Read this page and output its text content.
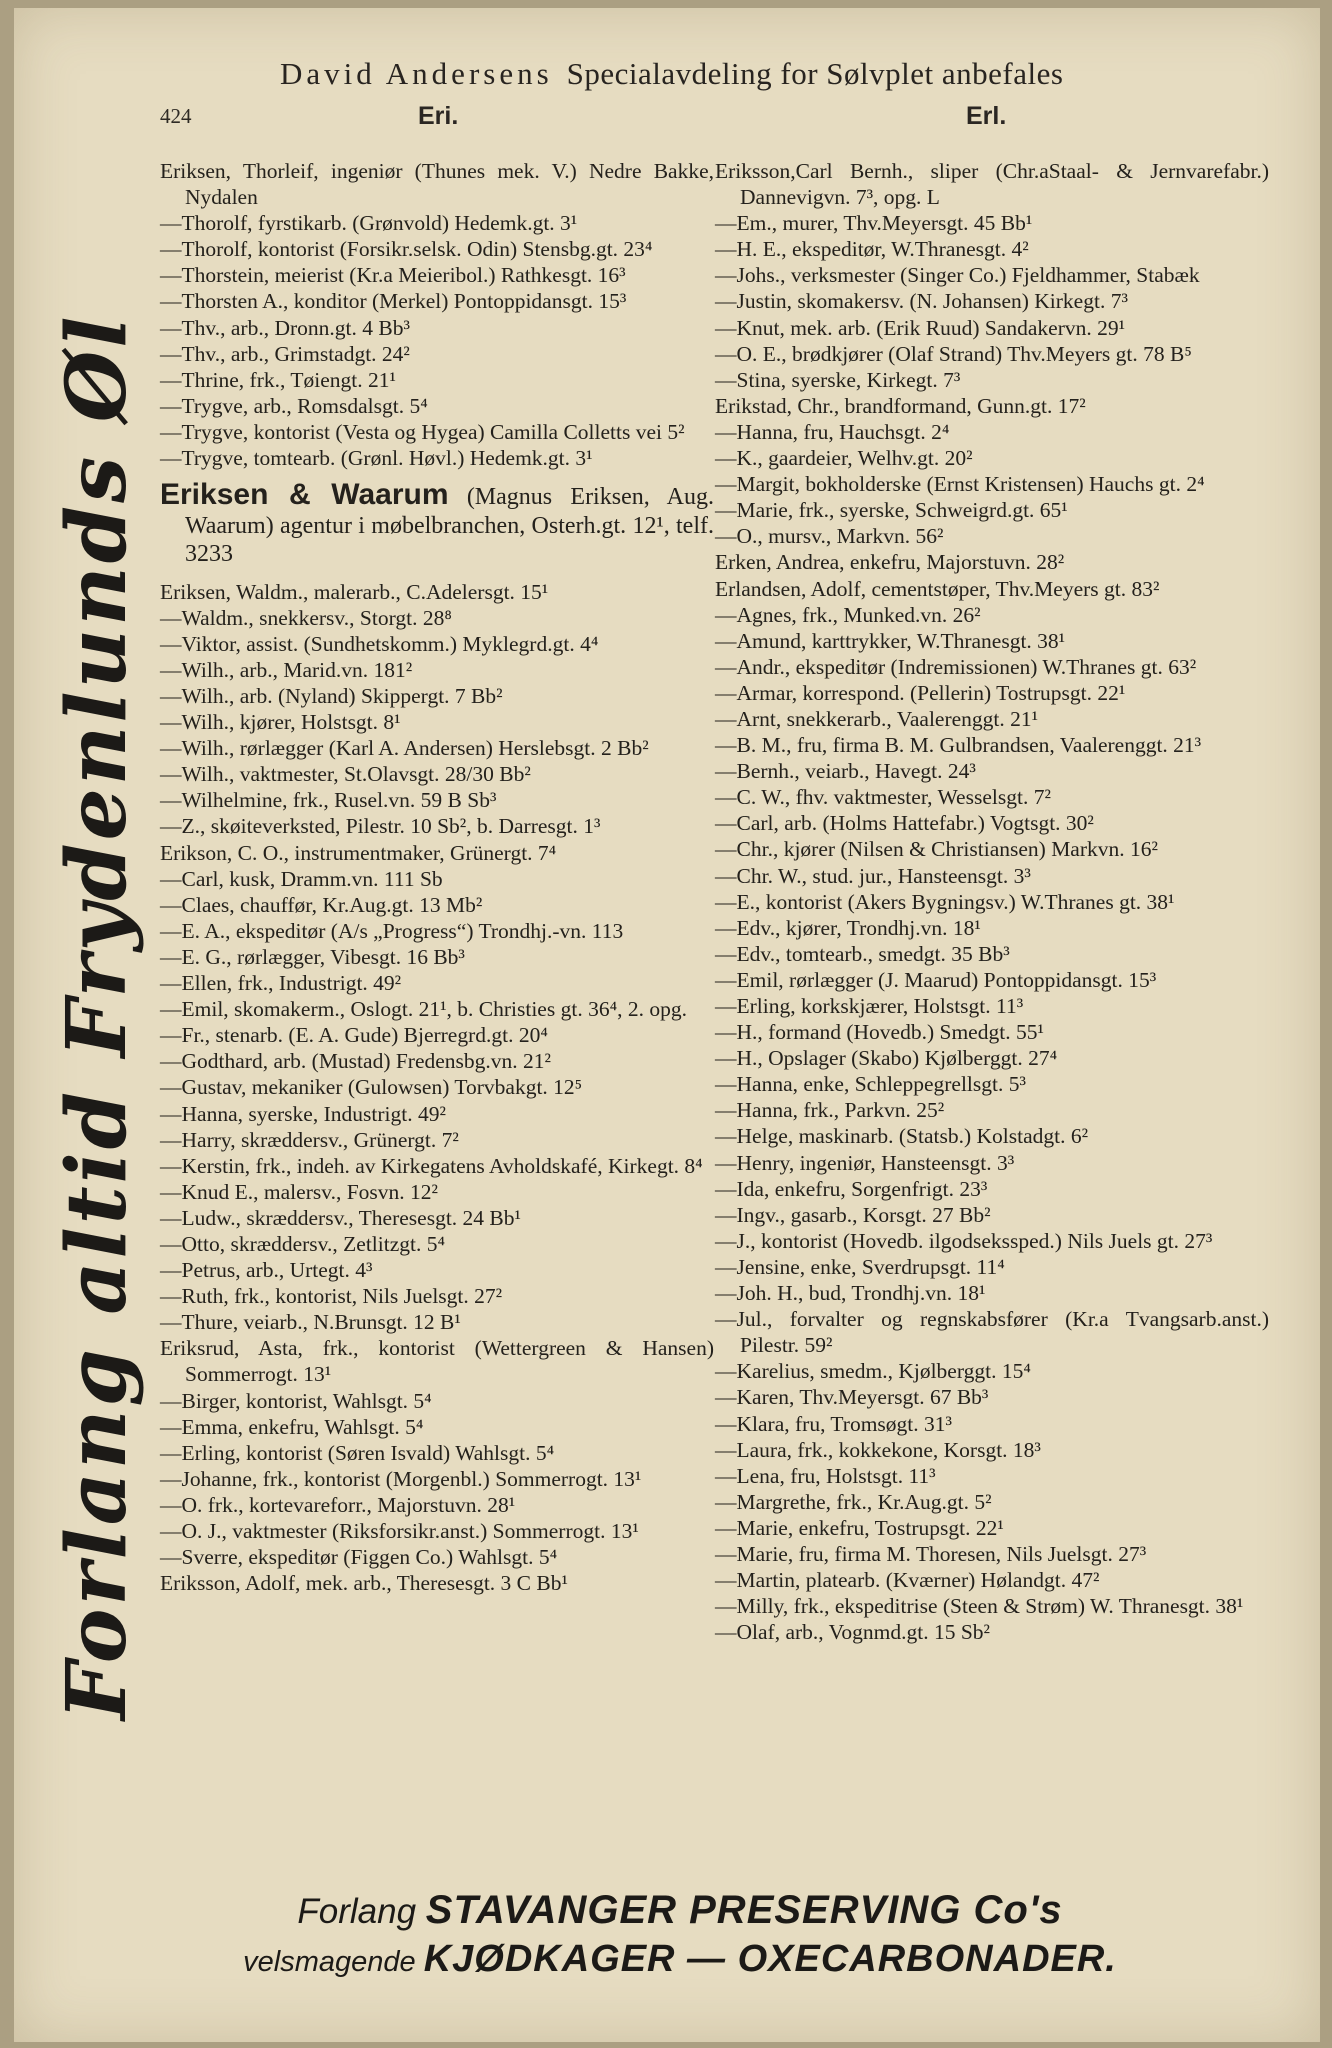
David Andersens Specialavdeling for Sølvplet anbefales
424	Eri.	Erl.
Forlang altid Frydenlunds Øl
Eriksen, Thorleif, ingeniør (Thunes mek. V.) Nedre Bakke, Nydalen
—Thorolf, fyrstikarb. (Grønvold) Hedemk.gt. 3¹
—Thorolf, kontorist (Forsikr.selsk. Odin) Stensbg.gt. 23⁴
—Thorstein, meierist (Kr.a Meieribol.) Rathkesgt. 16³
—Thorsten A., konditor (Merkel) Pontoppidansgt. 15³
—Thv., arb., Dronn.gt. 4 Bb³
—Thv., arb., Grimstadgt. 24²
—Thrine, frk., Tøiengt. 21¹
—Trygve, arb., Romsdalsgt. 5⁴
—Trygve, kontorist (Vesta og Hygea) Camilla Colletts vei 5²
—Trygve, tomtearb. (Grønl. Høvl.) Hedemk.gt. 3¹
Eriksen & Waarum (Magnus Eriksen, Aug. Waarum) agentur i møbelbranchen, Osterh.gt. 12¹, telf. 3233
Eriksen, Waldm., malerarb., C.Adelersgt. 15¹
—Waldm., snekkersv., Storgt. 28⁸
—Viktor, assist. (Sundhetskomm.) Myklegrd.gt. 4⁴
—Wilh., arb., Marid.vn. 181²
—Wilh., arb. (Nyland) Skippergt. 7 Bb²
—Wilh., kjører, Holstsgt. 8¹
—Wilh., rørlægger (Karl A. Andersen) Herslebsgt. 2 Bb²
—Wilh., vaktmester, St.Olavsgt. 28/30 Bb²
—Wilhelmine, frk., Rusel.vn. 59 B Sb³
—Z., skøiteverksted, Pilestr. 10 Sb², b. Darresgt. 1³
Erikson, C. O., instrumentmaker, Grünergt. 7⁴
—Carl, kusk, Dramm.vn. 111 Sb
—Claes, chauffør, Kr.Aug.gt. 13 Mb²
—E. A., ekspeditør (A/s „Progress“) Trondhj.-vn. 113
—E. G., rørlægger, Vibesgt. 16 Bb³
—Ellen, frk., Industrigt. 49²
—Emil, skomakerm., Oslogt. 21¹, b. Christies gt. 36⁴, 2. opg.
—Fr., stenarb. (E. A. Gude) Bjerregrd.gt. 20⁴
—Godthard, arb. (Mustad) Fredensbg.vn. 21²
—Gustav, mekaniker (Gulowsen) Torvbakgt. 12⁵
—Hanna, syerske, Industrigt. 49²
—Harry, skræddersv., Grünergt. 7²
—Kerstin, frk., indeh. av Kirkegatens Avholdskafé, Kirkegt. 8⁴
—Knud E., malersv., Fosvn. 12²
—Ludw., skræddersv., Theresesgt. 24 Bb¹
—Otto, skræddersv., Zetlitzgt. 5⁴
—Petrus, arb., Urtegt. 4³
—Ruth, frk., kontorist, Nils Juelsgt. 27²
—Thure, veiarb., N.Brunsgt. 12 B¹
Eriksrud, Asta, frk., kontorist (Wettergreen & Hansen) Sommerrogt. 13¹
—Birger, kontorist, Wahlsgt. 5⁴
—Emma, enkefru, Wahlsgt. 5⁴
—Erling, kontorist (Søren Isvald) Wahlsgt. 5⁴
—Johanne, frk., kontorist (Morgenbl.) Sommerrogt. 13¹
—O. frk., kortevareforr., Majorstuvn. 28¹
—O. J., vaktmester (Riksforsikr.anst.) Sommerrogt. 13¹
—Sverre, ekspeditør (Figgen Co.) Wahlsgt. 5⁴
Eriksson, Adolf, mek. arb., Theresesgt. 3 C Bb¹
Eriksson,Carl Bernh., sliper (Chr.aStaal- & Jernvarefabr.) Dannevigvn. 7³, opg. L
—Em., murer, Thv.Meyersgt. 45 Bb¹
—H. E., ekspeditør, W.Thranesgt. 4²
—Johs., verksmester (Singer Co.) Fjeldhammer, Stabæk
—Justin, skomakersv. (N. Johansen) Kirkegt. 7³
—Knut, mek. arb. (Erik Ruud) Sandakervn. 29¹
—O. E., brødkjører (Olaf Strand) Thv.Meyers gt. 78 B⁵
—Stina, syerske, Kirkegt. 7³
Erikstad, Chr., brandformand, Gunn.gt. 17²
—Hanna, fru, Hauchsgt. 2⁴
—K., gaardeier, Welhv.gt. 20²
—Margit, bokholderske (Ernst Kristensen) Hauchs gt. 2⁴
—Marie, frk., syerske, Schweigrd.gt. 65¹
—O., mursv., Markvn. 56²
Erken, Andrea, enkefru, Majorstuvn. 28²
Erlandsen, Adolf, cementstøper, Thv.Meyers gt. 83²
—Agnes, frk., Munked.vn. 26²
—Amund, karttrykker, W.Thranesgt. 38¹
—Andr., ekspeditør (Indremissionen) W.Thranes gt. 63²
—Armar, korrespond. (Pellerin) Tostrupsgt. 22¹
—Arnt, snekkerarb., Vaalerenggt. 21¹
—B. M., fru, firma B. M. Gulbrandsen, Vaalerenggt. 21³
—Bernh., veiarb., Havegt. 24³
—C. W., fhv. vaktmester, Wesselsgt. 7²
—Carl, arb. (Holms Hattefabr.) Vogtsgt. 30²
—Chr., kjører (Nilsen & Christiansen) Markvn. 16²
—Chr. W., stud. jur., Hansteensgt. 3³
—E., kontorist (Akers Bygningsv.) W.Thranes gt. 38¹
—Edv., kjører, Trondhj.vn. 18¹
—Edv., tomtearb., smedgt. 35 Bb³
—Emil, rørlægger (J. Maarud) Pontoppidansgt. 15³
—Erling, korkskjærer, Holstsgt. 11³
—H., formand (Hovedb.) Smedgt. 55¹
—H., Opslager (Skabo) Kjølberggt. 27⁴
—Hanna, enke, Schleppegrellsgt. 5³
—Hanna, frk., Parkvn. 25²
—Helge, maskinarb. (Statsb.) Kolstadgt. 6²
—Henry, ingeniør, Hansteensgt. 3³
—Ida, enkefru, Sorgenfrigt. 23³
—Ingv., gasarb., Korsgt. 27 Bb²
—J., kontorist (Hovedb. ilgodsekssped.) Nils Juels gt. 27³
—Jensine, enke, Sverdrupsgt. 11⁴
—Joh. H., bud, Trondhj.vn. 18¹
—Jul., forvalter og regnskabsfører (Kr.a Tvangsarb.anst.) Pilestr. 59²
—Karelius, smedm., Kjølberggt. 15⁴
—Karen, Thv.Meyersgt. 67 Bb³
—Klara, fru, Tromsøgt. 31³
—Laura, frk., kokkekone, Korsgt. 18³
—Lena, fru, Holstsgt. 11³
—Margrethe, frk., Kr.Aug.gt. 5²
—Marie, enkefru, Tostrupsgt. 22¹
—Marie, fru, firma M. Thoresen, Nils Juelsgt. 27³
—Martin, platearb. (Kværner) Hølandgt. 47²
—Milly, frk., ekspeditrise (Steen & Strøm) W. Thranesgt. 38¹
—Olaf, arb., Vognmd.gt. 15 Sb²
Forlang STAVANGER PRESERVING Co's
velsmagende KJØDKAGER — OXECARBONADER.
